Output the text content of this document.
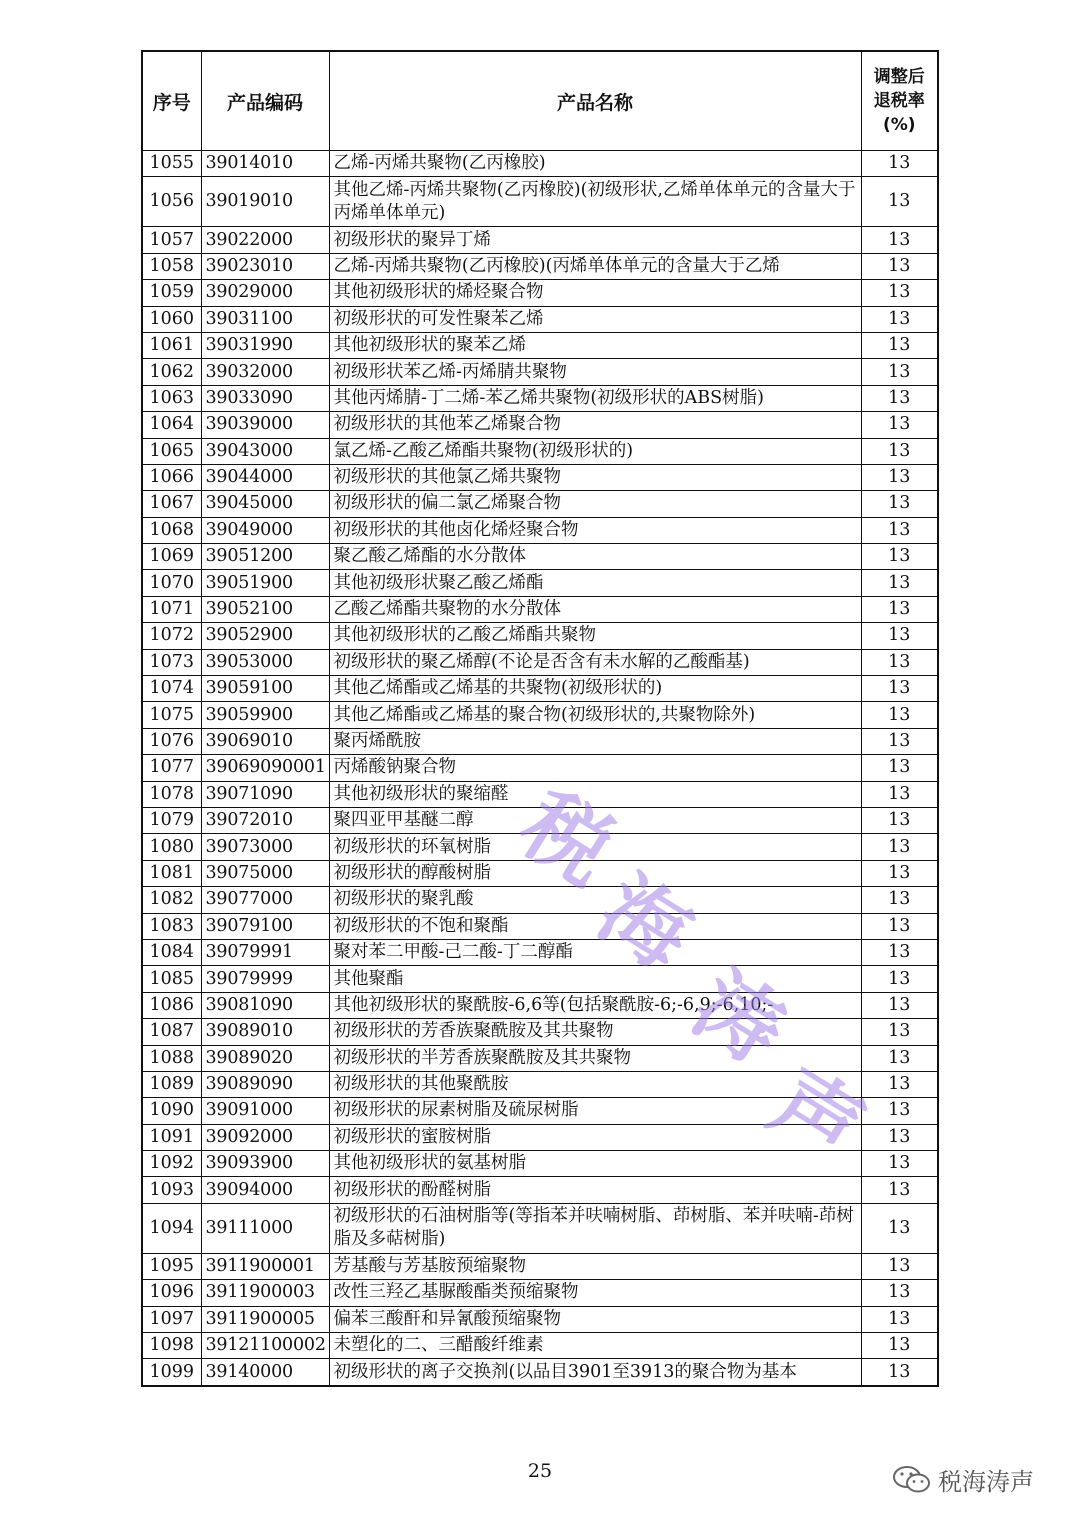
序号	产品编码	产品名称	调整后
退税率
(%)

1055	39014010	乙烯-丙烯共聚物(乙丙橡胶)	13
1056	39019010	其他乙烯-丙烯共聚物(乙丙橡胶)(初级形状,乙烯单体单元的含量大于丙烯单体单元)	13
1057	39022000	初级形状的聚异丁烯	13
1058	39023010	乙烯-丙烯共聚物(乙丙橡胶)(丙烯单体单元的含量大于乙烯	13
1059	39029000	其他初级形状的烯烃聚合物	13
1060	39031100	初级形状的可发性聚苯乙烯	13
1061	39031990	其他初级形状的聚苯乙烯	13
1062	39032000	初级形状苯乙烯-丙烯腈共聚物	13
1063	39033090	其他丙烯腈-丁二烯-苯乙烯共聚物(初级形状的ABS树脂)	13
1064	39039000	初级形状的其他苯乙烯聚合物	13
1065	39043000	氯乙烯-乙酸乙烯酯共聚物(初级形状的)	13
1066	39044000	初级形状的其他氯乙烯共聚物	13
1067	39045000	初级形状的偏二氯乙烯聚合物	13
1068	39049000	初级形状的其他卤化烯烃聚合物	13
1069	39051200	聚乙酸乙烯酯的水分散体	13
1070	39051900	其他初级形状聚乙酸乙烯酯	13
1071	39052100	乙酸乙烯酯共聚物的水分散体	13
1072	39052900	其他初级形状的乙酸乙烯酯共聚物	13
1073	39053000	初级形状的聚乙烯醇(不论是否含有未水解的乙酸酯基)	13
1074	39059100	其他乙烯酯或乙烯基的共聚物(初级形状的)	13
1075	39059900	其他乙烯酯或乙烯基的聚合物(初级形状的,共聚物除外)	13
1076	39069010	聚丙烯酰胺	13
1077	39069090001	丙烯酸钠聚合物	13
1078	39071090	其他初级形状的聚缩醛	13
1079	39072010	聚四亚甲基醚二醇	13
1080	39073000	初级形状的环氧树脂	13
1081	39075000	初级形状的醇酸树脂	13
1082	39077000	初级形状的聚乳酸	13
1083	39079100	初级形状的不饱和聚酯	13
1084	39079991	聚对苯二甲酸-己二酸-丁二醇酯	13
1085	39079999	其他聚酯	13
1086	39081090	其他初级形状的聚酰胺-6,6等(包括聚酰胺-6;-6,9;-6,10;-	13
1087	39089010	初级形状的芳香族聚酰胺及其共聚物	13
1088	39089020	初级形状的半芳香族聚酰胺及其共聚物	13
1089	39089090	初级形状的其他聚酰胺	13
1090	39091000	初级形状的尿素树脂及硫尿树脂	13
1091	39092000	初级形状的蜜胺树脂	13
1092	39093900	其他初级形状的氨基树脂	13
1093	39094000	初级形状的酚醛树脂	13
1094	39111000	初级形状的石油树脂等(等指苯并呋喃树脂、茚树脂、苯并呋喃-茚树脂及多萜树脂)	13
1095	3911900001	芳基酸与芳基胺预缩聚物	13
1096	3911900003	改性三羟乙基脲酸酯类预缩聚物	13
1097	3911900005	偏苯三酸酐和异氰酸预缩聚物	13
1098	39121100002	未塑化的二、三醋酸纤维素	13
1099	39140000	初级形状的离子交换剂(以品目3901至3913的聚合物为基本	13
税
海
涛
声
25	税海涛声
